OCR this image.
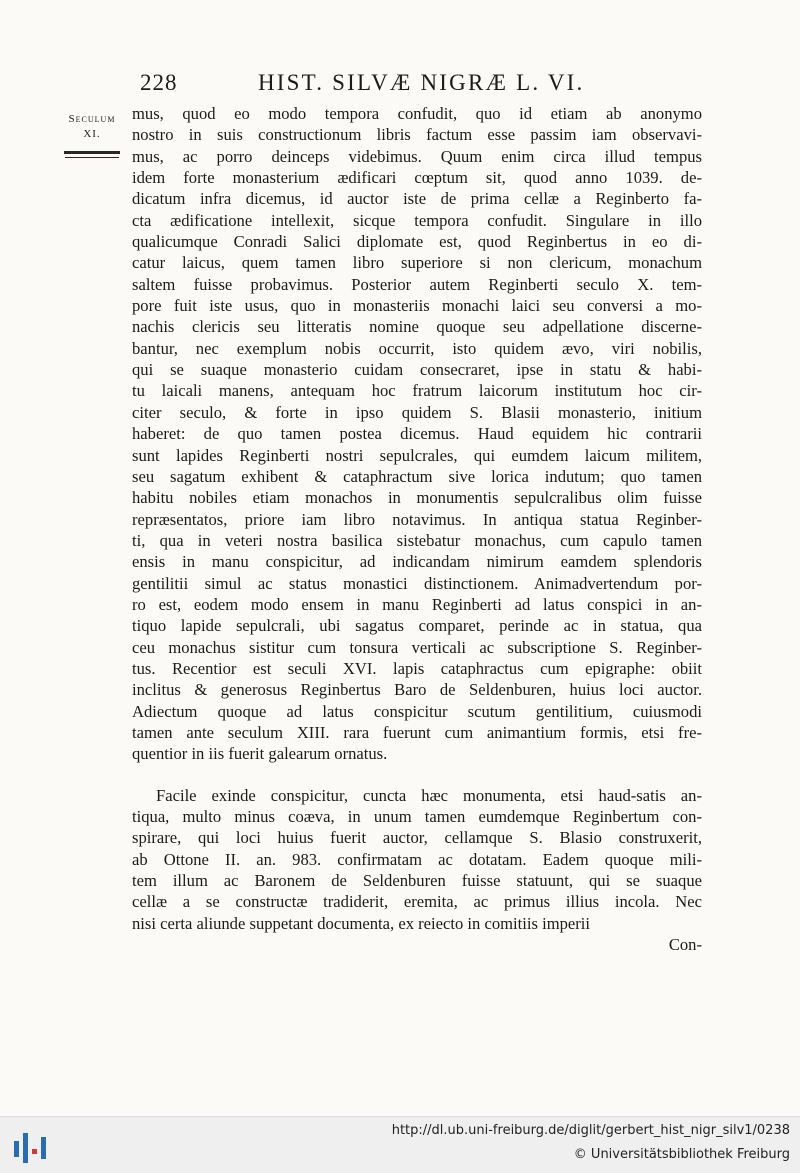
228	HIST. SILVÆ NIGRÆ L. VI.
Seculum
XI.
mus, quod eo modo tempora confudit, quo id etiam ab anonymo
nostro in suis constructionum libris factum esse passim iam observavi-
mus, ac porro deinceps videbimus. Quum enim circa illud tempus
idem forte monasterium ædificari cœptum sit, quod anno 1039. de-
dicatum infra dicemus, id auctor iste de prima cellæ a Reginberto fa-
cta ædificatione intellexit, sicque tempora confudit. Singulare in illo
qualicumque Conradi Salici diplomate est, quod Reginbertus in eo di-
catur laicus, quem tamen libro superiore si non clericum, monachum
saltem fuisse probavimus. Posterior autem Reginberti seculo X. tem-
pore fuit iste usus, quo in monasteriis monachi laici seu conversi a mo-
nachis clericis seu litteratis nomine quoque seu adpellatione discerne-
bantur, nec exemplum nobis occurrit, isto quidem ævo, viri nobilis,
qui se suaque monasterio cuidam consecraret, ipse in statu & habi-
tu laicali manens, antequam hoc fratrum laicorum institutum hoc cir-
citer seculo, & forte in ipso quidem S. Blasii monasterio, initium
haberet: de quo tamen postea dicemus. Haud equidem hic contrarii
sunt lapides Reginberti nostri sepulcrales, qui eumdem laicum militem,
seu sagatum exhibent & cataphractum sive lorica indutum; quo tamen
habitu nobiles etiam monachos in monumentis sepulcralibus olim fuisse
repræsentatos, priore iam libro notavimus. In antiqua statua Reginber-
ti, qua in veteri nostra basilica sistebatur monachus, cum capulo tamen
ensis in manu conspicitur, ad indicandam nimirum eamdem splendoris
gentilitii simul ac status monastici distinctionem. Animadvertendum por-
ro est, eodem modo ensem in manu Reginberti ad latus conspici in an-
tiquo lapide sepulcrali, ubi sagatus comparet, perinde ac in statua, qua
ceu monachus sistitur cum tonsura verticali ac subscriptione S. Reginber-
tus. Recentior est seculi XVI. lapis cataphractus cum epigraphe: obiit
inclitus & generosus Reginbertus Baro de Seldenburen, huius loci auctor.
Adiectum quoque ad latus conspicitur scutum gentilitium, cuiusmodi
tamen ante seculum XIII. rara fuerunt cum animantium formis, etsi fre-
quentior in iis fuerit galearum ornatus.
Facile exinde conspicitur, cuncta hæc monumenta, etsi haud-satis an-
tiqua, multo minus coæva, in unum tamen eumdemque Reginbertum con-
spirare, qui loci huius fuerit auctor, cellamque S. Blasio construxerit,
ab Ottone II. an. 983. confirmatam ac dotatam. Eadem quoque mili-
tem illum ac Baronem de Seldenburen fuisse statuunt, qui se suaque
cellæ a se constructæ tradiderit, eremita, ac primus illius incola. Nec
nisi certa aliunde suppetant documenta, ex reiecto in comitiis imperii
Con-
http://dl.ub.uni-freiburg.de/diglit/gerbert_hist_nigr_silv1/0238
© Universitätsbibliothek Freiburg
